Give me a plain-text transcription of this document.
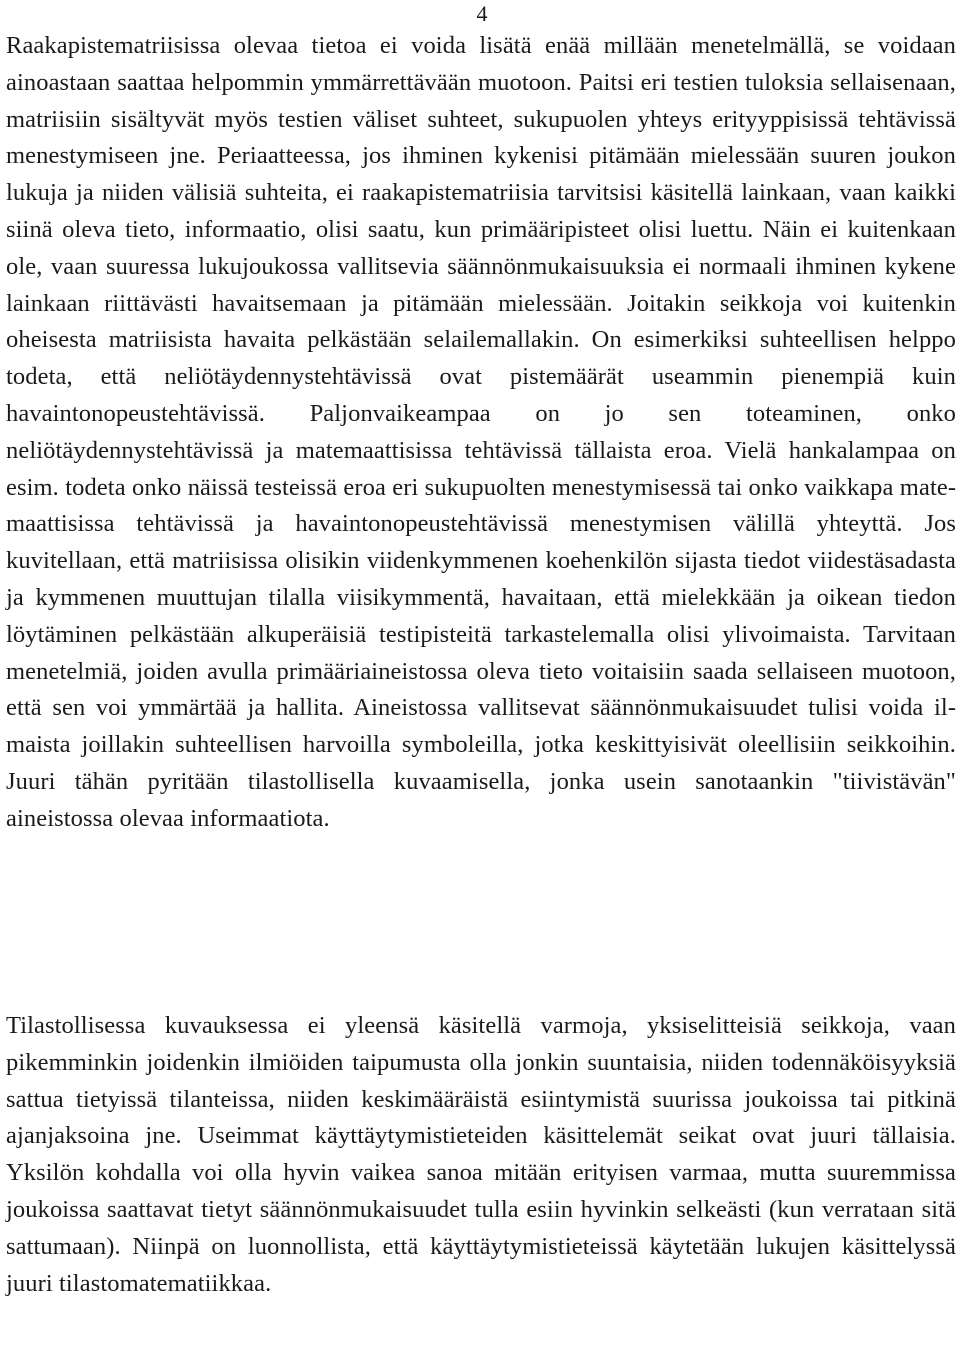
4

Raakapistematriisissa olevaa tietoa ei voida lisätä enää millään menetelmällä, se voidaan ainoastaan saattaa helpommin ymmärrettävään muotoon. Paitsi eri testien tuloksia sellaisenaan, matriisiin sisältyvät myös testien väliset suhteet, sukupuolen yhteys erityyppisissä tehtävissä menestymiseen jne. Periaatteessa, jos ihminen kykenisi pitämään mielessään suuren joukon lukuja ja niiden välisiä suhteita, ei raakapistematriisia tarvitsisi käsitellä lainkaan, vaan kaikki siinä oleva tieto, informaatio, olisi saatu, kun primääripisteet olisi luettu. Näin ei kuitenkaan ole, vaan suuressa lukujoukossa vallitsevia säännönmukaisuuksia ei normaali ihminen kykene lainkaan riittävästi havaitsemaan ja pitämään mielessään. Joitakin seikkoja voi kuitenkin oheisesta matriisista havaita pelkästään selailemallakin. On esimerkiksi suhteellisen helppo todeta, että neliötäydennystehtävissä ovat pistemäärät useammin pienempiä kuin havaintonopeustehtävissä. Paljonvaikeampaa on jo sen toteaminen, onko neliötäydennystehtävissä ja matemaattisissa tehtävissä tällaista eroa. Vielä hankalampaa on esim. todeta onko näissä testeissä eroa eri sukupuolten menestymisessä tai onko vaikkapa matemaattisissa tehtävissä ja havaintonopeustehtävissä menestymisen välillä yhteyttä. Jos kuvitellaan, että matriisissa olisikin viidenkymmenen koehenkilön sijasta tiedot viidestäsadasta ja kymmenen muuttujan tilalla viisikymmentä, havaitaan, että mielekkään ja oikean tiedon löytäminen pelkästään alkuperäisiä testipisteitä tarkastelemalla olisi ylivoimaista. Tarvitaan menetelmiä, joiden avulla primääriaineistossa oleva tieto voitaisiin saada sellaiseen muotoon, että sen voi ymmärtää ja hallita. Aineistossa vallitsevat säännönmukaisuudet tulisi voida ilmaista joillakin suhteellisen harvoilla symboleilla, jotka keskittyisivät oleellisiin seikkoihin. Juuri tähän pyritään tilastollisella kuvaamisella, jonka usein sanotaankin "tiivistävän" aineistossa olevaa informaatiota.

Tilastollisessa kuvauksessa ei yleensä käsitellä varmoja, yksiselitteisiä seikkoja, vaan pikemminkin joidenkin ilmiöiden taipumusta olla jonkin suuntaisia, niiden todennäköisyyksiä sattua tietyissä tilanteissa, niiden keskimääräistä esiintymistä suurissa joukoissa tai pitkinä ajanjaksoina jne. Useimmat käyttäytymistieteiden käsittelemät seikat ovat juuri tällaisia. Yksilön kohdalla voi olla hyvin vaikea sanoa mitään erityisen varmaa, mutta suuremmissa joukoissa saattavat tietyt säännönmukaisuudet tulla esiin hyvinkin selkeästi (kun verrataan sitä sattumaan). Niinpä on luonnollista, että käyttäytymistieteissä käytetään lukujen käsittelyssä juuri tilastomatematiikkaa.
